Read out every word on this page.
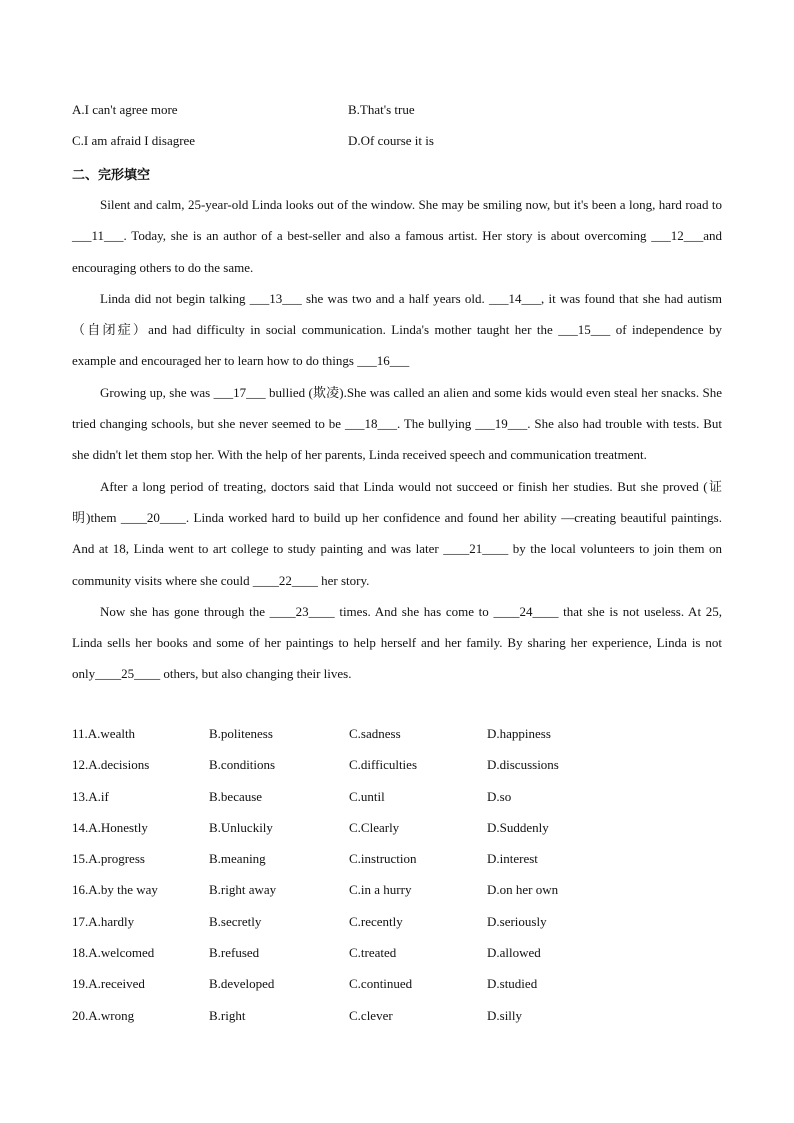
A.I can't agree more	B.That's true
C.I am afraid I disagree	D.Of course it is
二、完形填空

Silent and calm, 25-year-old Linda looks out of the window. She may be smiling now, but it's been a long, hard road to ___11___. Today, she is an author of a best-seller and also a famous artist. Her story is about overcoming ___12___and encouraging others to do the same.

Linda did not begin talking ___13___ she was two and a half years old. ___14___, it was found that she had autism（自闭症）and had difficulty in social communication. Linda's mother taught her the ___15___ of independence by example and encouraged her to learn how to do things ___16___

Growing up, she was ___17___ bullied (欺凌).She was called an alien and some kids would even steal her snacks. She tried changing schools, but she never seemed to be ___18___. The bullying ___19___. She also had trouble with tests. But she didn't let them stop her. With the help of her parents, Linda received speech and communication treatment.

After a long period of treating, doctors said that Linda would not succeed or finish her studies. But she proved (证明)them ____20____. Linda worked hard to build up her confidence and found her ability —creating beautiful paintings. And at 18, Linda went to art college to study painting and was later ____21____ by the local volunteers to join them on community visits where she could ____22____ her story.

Now she has gone through the ____23____ times. And she has come to ____24____ that she is not useless. At 25, Linda sells her books and some of her paintings to help herself and her family. By sharing her experience, Linda is not only____25____ others, but also changing their lives.

11.A.wealth	B.politeness	C.sadness	D.happiness
12.A.decisions	B.conditions	C.difficulties	D.discussions
13.A.if	B.because	C.until	D.so
14.A.Honestly	B.Unluckily	C.Clearly	D.Suddenly
15.A.progress	B.meaning	C.instruction	D.interest
16.A.by the way	B.right away	C.in a hurry	D.on her own
17.A.hardly	B.secretly	C.recently	D.seriously
18.A.welcomed	B.refused	C.treated	D.allowed
19.A.received	B.developed	C.continued	D.studied
20.A.wrong	B.right	C.clever	D.silly
